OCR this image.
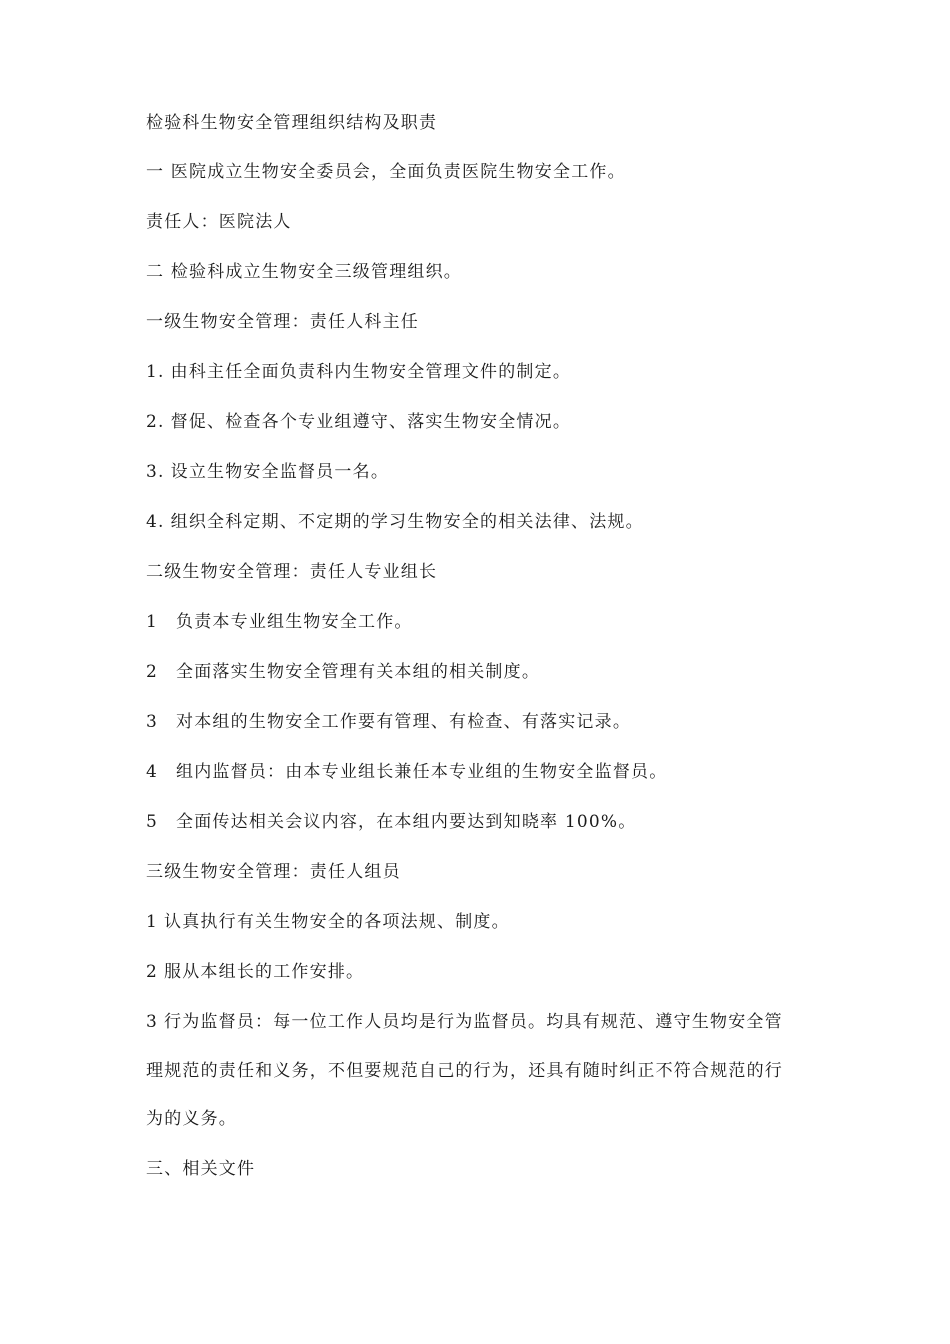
检验科生物安全管理组织结构及职责
一 医院成立生物安全委员会，全面负责医院生物安全工作。
责任人：医院法人
二 检验科成立生物安全三级管理组织。
一级生物安全管理：责任人科主任
1. 由科主任全面负责科内生物安全管理文件的制定。
2. 督促、检查各个专业组遵守、落实生物安全情况。
3. 设立生物安全监督员一名。
4. 组织全科定期、不定期的学习生物安全的相关法律、法规。
二级生物安全管理：责任人专业组长
1 负责本专业组生物安全工作。
2 全面落实生物安全管理有关本组的相关制度。
3 对本组的生物安全工作要有管理、有检查、有落实记录。
4 组内监督员：由本专业组长兼任本专业组的生物安全监督员。
5 全面传达相关会议内容，在本组内要达到知晓率 100%。
三级生物安全管理：责任人组员
1 认真执行有关生物安全的各项法规、制度。
2 服从本组长的工作安排。
3 行为监督员：每一位工作人员均是行为监督员。均具有规范、遵守生物安全管
理规范的责任和义务，不但要规范自己的行为，还具有随时纠正不符合规范的行
为的义务。
三、相关文件
